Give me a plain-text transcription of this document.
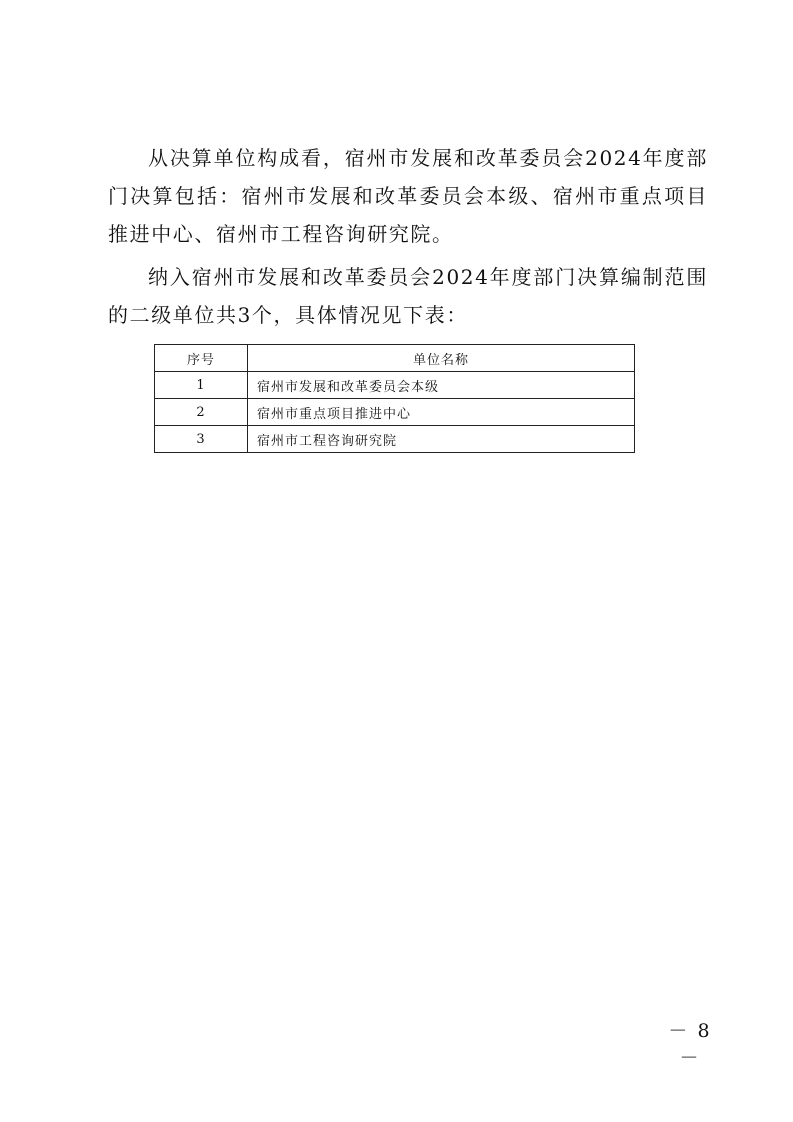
从决算单位构成看，宿州市发展和改革委员会2024年度部门决算包括：宿州市发展和改革委员会本级、宿州市重点项目推进中心、宿州市工程咨询研究院。

纳入宿州市发展和改革委员会2024年度部门决算编制范围的二级单位共3个，具体情况见下表：

序号	单位名称
1	宿州市发展和改革委员会本级
2	宿州市重点项目推进中心
3	宿州市工程咨询研究院
－ 8 －
